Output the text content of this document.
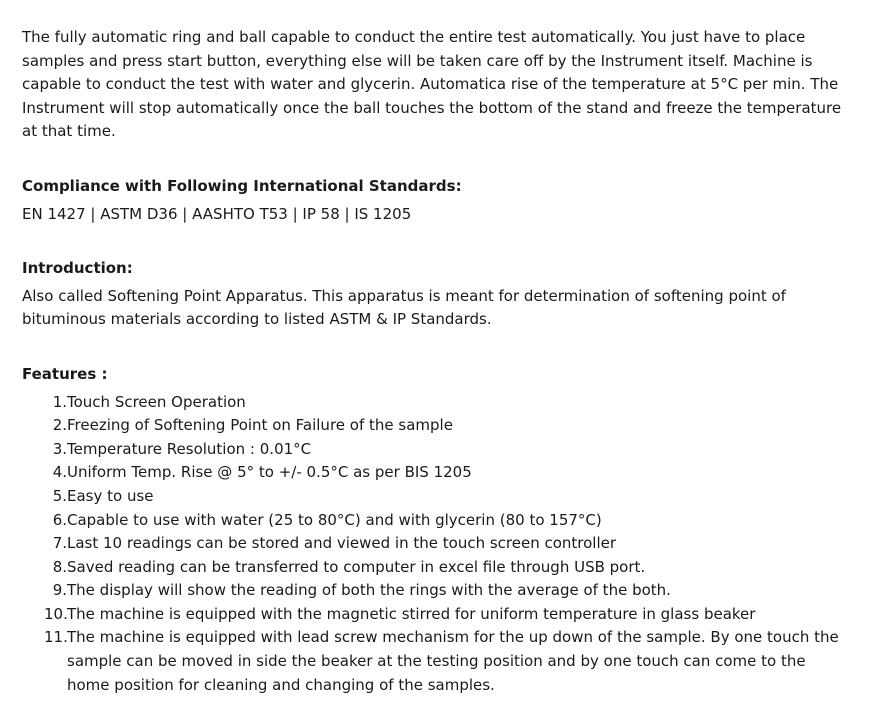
The fully automatic ring and ball capable to conduct the entire test automatically. You just have to place samples and press start button, everything else will be taken care off by the Instrument itself. Machine is capable to conduct the test with water and glycerin. Automatica rise of the temperature at 5°C per min. The Instrument will stop automatically once the ball touches the bottom of the stand and freeze the temperature at that time.

Compliance with Following International Standards:

EN 1427 | ASTM D36 | AASHTO T53 | IP 58 | IS 1205

Introduction:

Also called Softening Point Apparatus. This apparatus is meant for determination of softening point of bituminous materials according to listed ASTM & IP Standards.

Features :

1. Touch Screen Operation
2. Freezing of Softening Point on Failure of the sample
3. Temperature Resolution : 0.01°C
4. Uniform Temp. Rise @ 5° to +/- 0.5°C as per BIS 1205
5. Easy to use
6. Capable to use with water (25 to 80°C) and with glycerin (80 to 157°C)
7. Last 10 readings can be stored and viewed in the touch screen controller
8. Saved reading can be transferred to computer in excel file through USB port.
9. The display will show the reading of both the rings with the average of the both.
10. The machine is equipped with the magnetic stirred for uniform temperature in glass beaker
11. The machine is equipped with lead screw mechanism for the up down of the sample. By one touch the sample can be moved in side the beaker at the testing position and by one touch can come to the home position for cleaning and changing of the samples.
